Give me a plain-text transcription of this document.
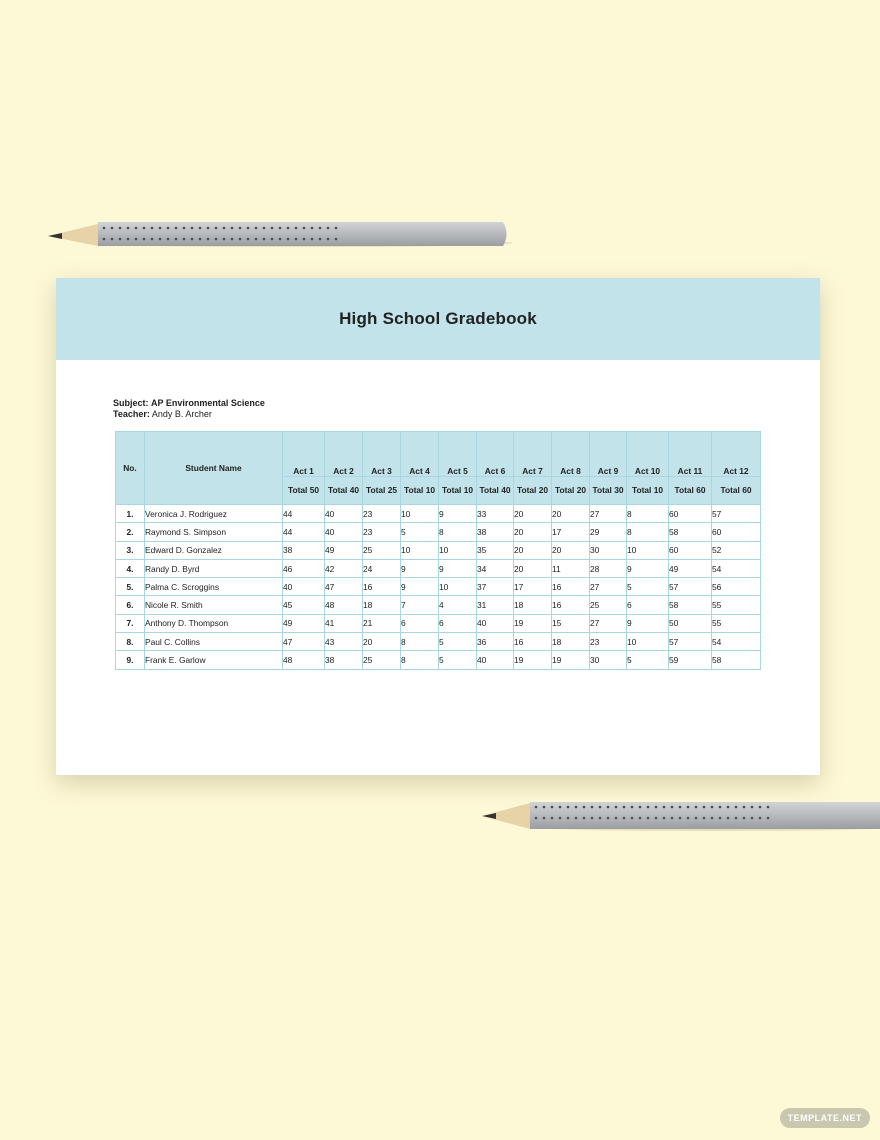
High School Gradebook
Subject: AP Environmental Science
Teacher: Andy B. Archer
No.	Student Name	Act 1	Act 2	Act 3	Act 4	Act 5	Act 6	Act 7	Act 8	Act 9	Act 10	Act 11	Act 12
		Total 50	Total 40	Total 25	Total 10	Total 10	Total 40	Total 20	Total 20	Total 30	Total 10	Total 60	Total 60
1.	Veronica J. Rodriguez	44	40	23	10	9	33	20	20	27	8	60	57
2.	Raymond S. Simpson	44	40	23	5	8	38	20	17	29	8	58	60
3.	Edward D. Gonzalez	38	49	25	10	10	35	20	20	30	10	60	52
4.	Randy D. Byrd	46	42	24	9	9	34	20	11	28	9	49	54
5.	Palma C. Scroggins	40	47	16	9	10	37	17	16	27	5	57	56
6.	Nicole R. Smith	45	48	18	7	4	31	18	16	25	6	58	55
7.	Anthony D. Thompson	49	41	21	6	6	40	19	15	27	9	50	55
8.	Paul C. Collins	47	43	20	8	5	36	16	18	23	10	57	54
9.	Frank E. Garlow	48	38	25	8	5	40	19	19	30	5	59	58
TEMPLATE.NET
